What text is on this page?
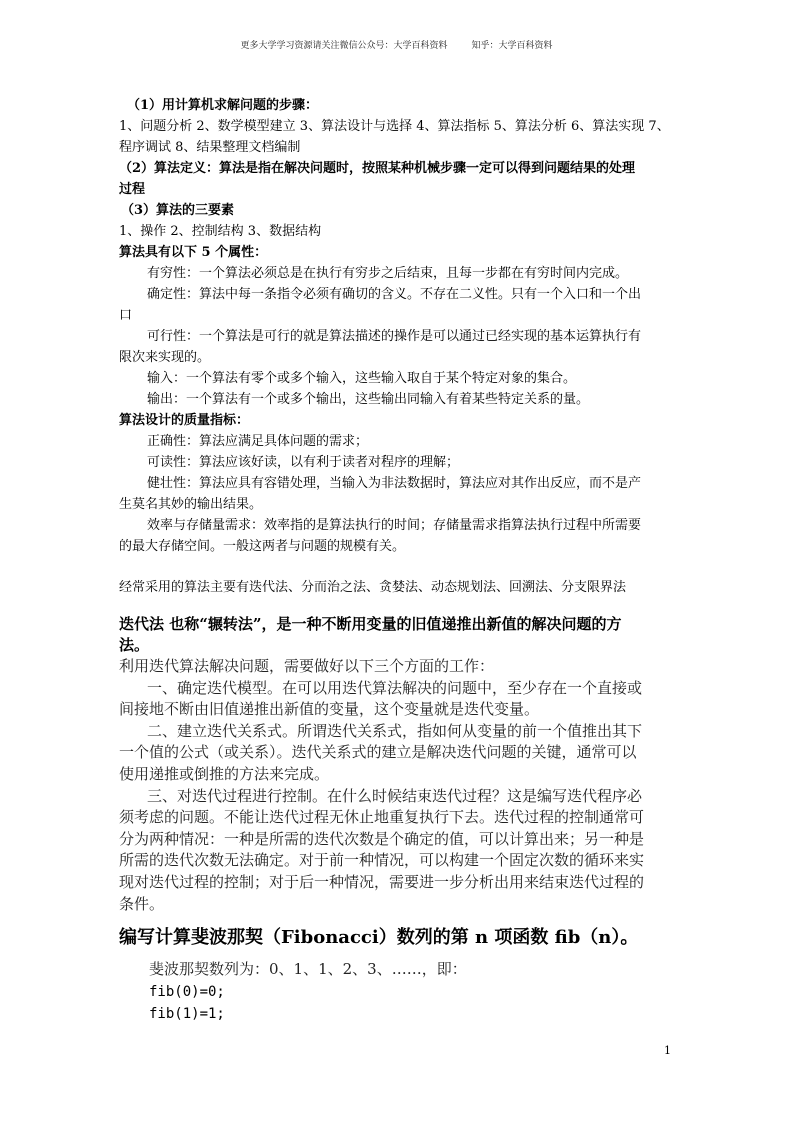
更多大学学习资源请关注微信公众号：大学百科资料	知乎：大学百科资料
（1）用计算机求解问题的步骤：
1、问题分析 2、数学模型建立 3、算法设计与选择 4、算法指标 5、算法分析 6、算法实现 7、
程序调试 8、结果整理文档编制
（2）算法定义：算法是指在解决问题时，按照某种机械步骤一定可以得到问题结果的处理
过程
（3）算法的三要素
1、操作 2、控制结构 3、数据结构
算法具有以下 5 个属性：
有穷性：一个算法必须总是在执行有穷步之后结束，且每一步都在有穷时间内完成。
确定性：算法中每一条指令必须有确切的含义。不存在二义性。只有一个入口和一个出
口
可行性：一个算法是可行的就是算法描述的操作是可以通过已经实现的基本运算执行有
限次来实现的。
输入：一个算法有零个或多个输入，这些输入取自于某个特定对象的集合。
输出：一个算法有一个或多个输出，这些输出同输入有着某些特定关系的量。
算法设计的质量指标：
正确性：算法应满足具体问题的需求；
可读性：算法应该好读，以有利于读者对程序的理解；
健壮性：算法应具有容错处理，当输入为非法数据时，算法应对其作出反应，而不是产
生莫名其妙的输出结果。
效率与存储量需求：效率指的是算法执行的时间；存储量需求指算法执行过程中所需要
的最大存储空间。一般这两者与问题的规模有关。
经常采用的算法主要有迭代法、分而治之法、贪婪法、动态规划法、回溯法、分支限界法
迭代法 也称“辗转法”，是一种不断用变量的旧值递推出新值的解决问题的方
法。
利用迭代算法解决问题，需要做好以下三个方面的工作：
一、确定迭代模型。在可以用迭代算法解决的问题中，至少存在一个直接或
间接地不断由旧值递推出新值的变量，这个变量就是迭代变量。
二、建立迭代关系式。所谓迭代关系式，指如何从变量的前一个值推出其下
一个值的公式（或关系）。迭代关系式的建立是解决迭代问题的关键，通常可以
使用递推或倒推的方法来完成。
三、对迭代过程进行控制。在什么时候结束迭代过程？这是编写迭代程序必
须考虑的问题。不能让迭代过程无休止地重复执行下去。迭代过程的控制通常可
分为两种情况：一种是所需的迭代次数是个确定的值，可以计算出来；另一种是
所需的迭代次数无法确定。对于前一种情况，可以构建一个固定次数的循环来实
现对迭代过程的控制；对于后一种情况，需要进一步分析出用来结束迭代过程的
条件。
编写计算斐波那契（Fibonacci）数列的第 n 项函数 fib（n）。
斐波那契数列为：0、1、1、2、3、……，即：
fib(0)=0;
fib(1)=1;
1
